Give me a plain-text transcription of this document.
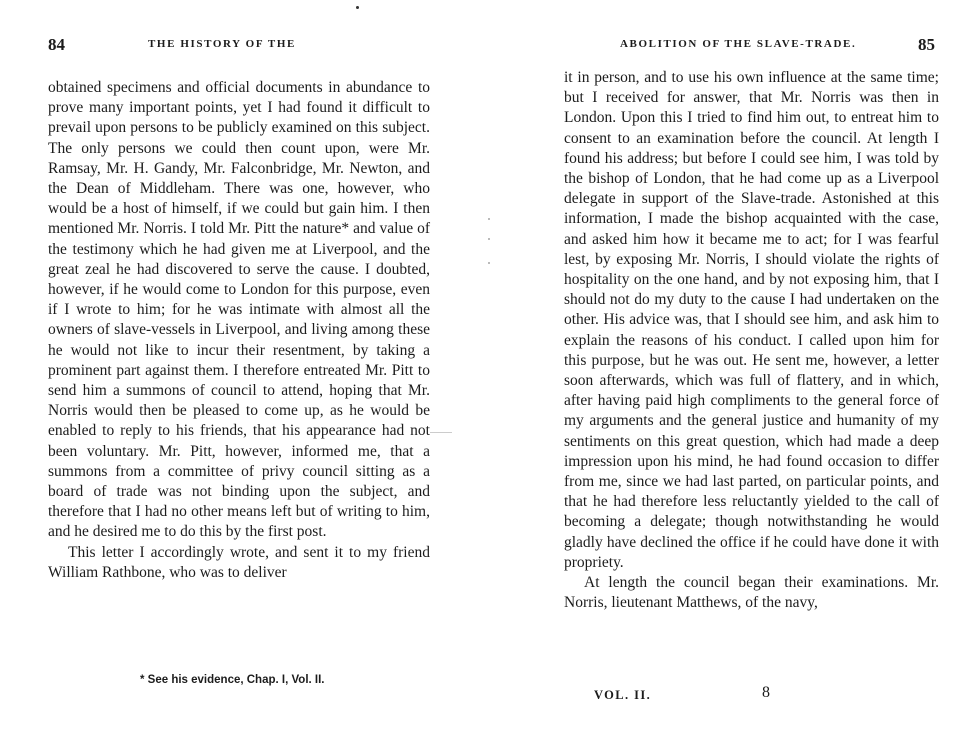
84	THE HISTORY OF THE

obtained specimens and official documents in abundance to prove many important points, yet I had found it difficult to prevail upon persons to be publicly examined on this subject. The only persons we could then count upon, were Mr. Ramsay, Mr. H. Gandy, Mr. Falconbridge, Mr. Newton, and the Dean of Middleham. There was one, however, who would be a host of himself, if we could but gain him. I then mentioned Mr. Norris. I told Mr. Pitt the nature* and value of the testimony which he had given me at Liverpool, and the great zeal he had discovered to serve the cause. I doubted, however, if he would come to London for this purpose, even if I wrote to him; for he was intimate with almost all the owners of slave-vessels in Liverpool, and living among these he would not like to incur their resentment, by taking a prominent part against them. I therefore entreated Mr. Pitt to send him a summons of council to attend, hoping that Mr. Norris would then be pleased to come up, as he would be enabled to reply to his friends, that his appearance had not been voluntary. Mr. Pitt, however, informed me, that a summons from a committee of privy council sitting as a board of trade was not binding upon the subject, and therefore that I had no other means left but of writing to him, and he desired me to do this by the first post.

This letter I accordingly wrote, and sent it to my friend William Rathbone, who was to deliver

* See his evidence, Chap. I, Vol. II.
ABOLITION OF THE SLAVE-TRADE.	85

it in person, and to use his own influence at the same time; but I received for answer, that Mr. Norris was then in London. Upon this I tried to find him out, to entreat him to consent to an examination before the council. At length I found his address; but before I could see him, I was told by the bishop of London, that he had come up as a Liverpool delegate in support of the Slave-trade. Astonished at this information, I made the bishop acquainted with the case, and asked him how it became me to act; for I was fearful lest, by exposing Mr. Norris, I should violate the rights of hospitality on the one hand, and by not exposing him, that I should not do my duty to the cause I had undertaken on the other. His advice was, that I should see him, and ask him to explain the reasons of his conduct. I called upon him for this purpose, but he was out. He sent me, however, a letter soon afterwards, which was full of flattery, and in which, after having paid high compliments to the general force of my arguments and the general justice and humanity of my sentiments on this great question, which had made a deep impression upon his mind, he had found occasion to differ from me, since we had last parted, on particular points, and that he had therefore less reluctantly yielded to the call of becoming a delegate; though notwithstanding he would gladly have declined the office if he could have done it with propriety.

At length the council began their examinations. Mr. Norris, lieutenant Matthews, of the navy,

VOL. II.	8
